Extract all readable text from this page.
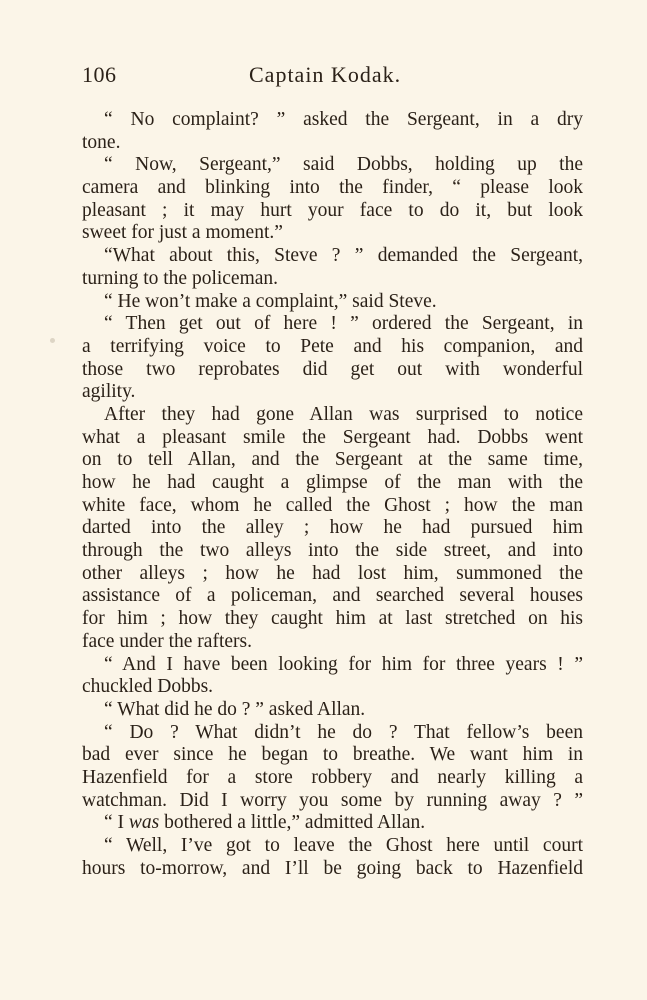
106	Captain Kodak.
“ No complaint? ” asked the Sergeant, in a dry
tone.
“ Now, Sergeant,” said Dobbs, holding up the
camera and blinking into the finder, “ please look
pleasant ; it may hurt your face to do it, but look
sweet for just a moment.”
“What about this, Steve ? ” demanded the Sergeant,
turning to the policeman.
“ He won’t make a complaint,” said Steve.
“ Then get out of here ! ” ordered the Sergeant, in
a terrifying voice to Pete and his companion, and
those two reprobates did get out with wonderful
agility.
After they had gone Allan was surprised to notice
what a pleasant smile the Sergeant had. Dobbs went
on to tell Allan, and the Sergeant at the same time,
how he had caught a glimpse of the man with the
white face, whom he called the Ghost ; how the man
darted into the alley ; how he had pursued him
through the two alleys into the side street, and into
other alleys ; how he had lost him, summoned the
assistance of a policeman, and searched several houses
for him ; how they caught him at last stretched on his
face under the rafters.
“ And I have been looking for him for three years ! ”
chuckled Dobbs.
“ What did he do ? ” asked Allan.
“ Do ? What didn’t he do ? That fellow’s been
bad ever since he began to breathe. We want him in
Hazenfield for a store robbery and nearly killing a
watchman. Did I worry you some by running away ? ”
“ I was bothered a little,” admitted Allan.
“ Well, I’ve got to leave the Ghost here until court
hours to-morrow, and I’ll be going back to Hazenfield
